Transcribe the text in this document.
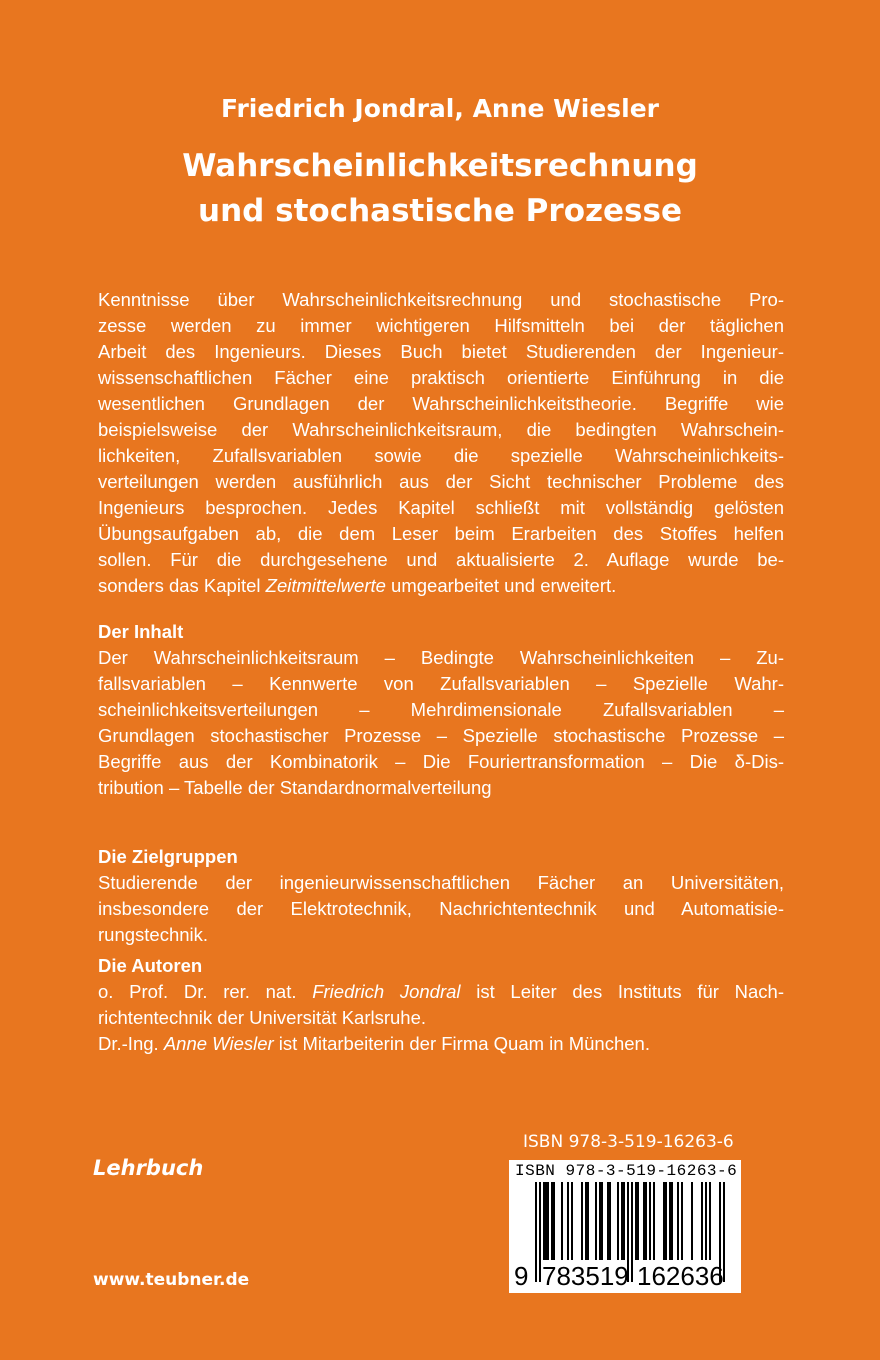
Friedrich Jondral, Anne Wiesler
Wahrscheinlichkeitsrechnung
und stochastische Prozesse
Kenntnisse über Wahrscheinlichkeitsrechnung und stochastische Pro-
zesse werden zu immer wichtigeren Hilfsmitteln bei der täglichen
Arbeit des Ingenieurs. Dieses Buch bietet Studierenden der Ingenieur-
wissenschaftlichen Fächer eine praktisch orientierte Einführung in die
wesentlichen Grundlagen der Wahrscheinlichkeitstheorie. Begriffe wie
beispielsweise der Wahrscheinlichkeitsraum, die bedingten Wahrschein-
lichkeiten, Zufallsvariablen sowie die spezielle Wahrscheinlichkeits-
verteilungen werden ausführlich aus der Sicht technischer Probleme des
Ingenieurs besprochen. Jedes Kapitel schließt mit vollständig gelösten
Übungsaufgaben ab, die dem Leser beim Erarbeiten des Stoffes helfen
sollen. Für die durchgesehene und aktualisierte 2. Auflage wurde be-
sonders das Kapitel Zeitmittelwerte umgearbeitet und erweitert.
Der Inhalt
Der Wahrscheinlichkeitsraum – Bedingte Wahrscheinlichkeiten – Zu-
fallsvariablen – Kennwerte von Zufallsvariablen – Spezielle Wahr-
scheinlichkeitsverteilungen – Mehrdimensionale Zufallsvariablen –
Grundlagen stochastischer Prozesse – Spezielle stochastische Prozesse –
Begriffe aus der Kombinatorik – Die Fouriertransformation – Die δ-Dis-
tribution – Tabelle der Standardnormalverteilung
Die Zielgruppen
Studierende der ingenieurwissenschaftlichen Fächer an Universitäten,
insbesondere der Elektrotechnik, Nachrichtentechnik und Automatisie-
rungstechnik.
Die Autoren
o. Prof. Dr. rer. nat. Friedrich Jondral ist Leiter des Instituts für Nach-
richtentechnik der Universität Karlsruhe.
Dr.-Ing. Anne Wiesler ist Mitarbeiterin der Firma Quam in München.
ISBN 978-3-519-16263-6
Lehrbuch
www.teubner.de
ISBN 978-3-519-16263-6
9 783519 162636
